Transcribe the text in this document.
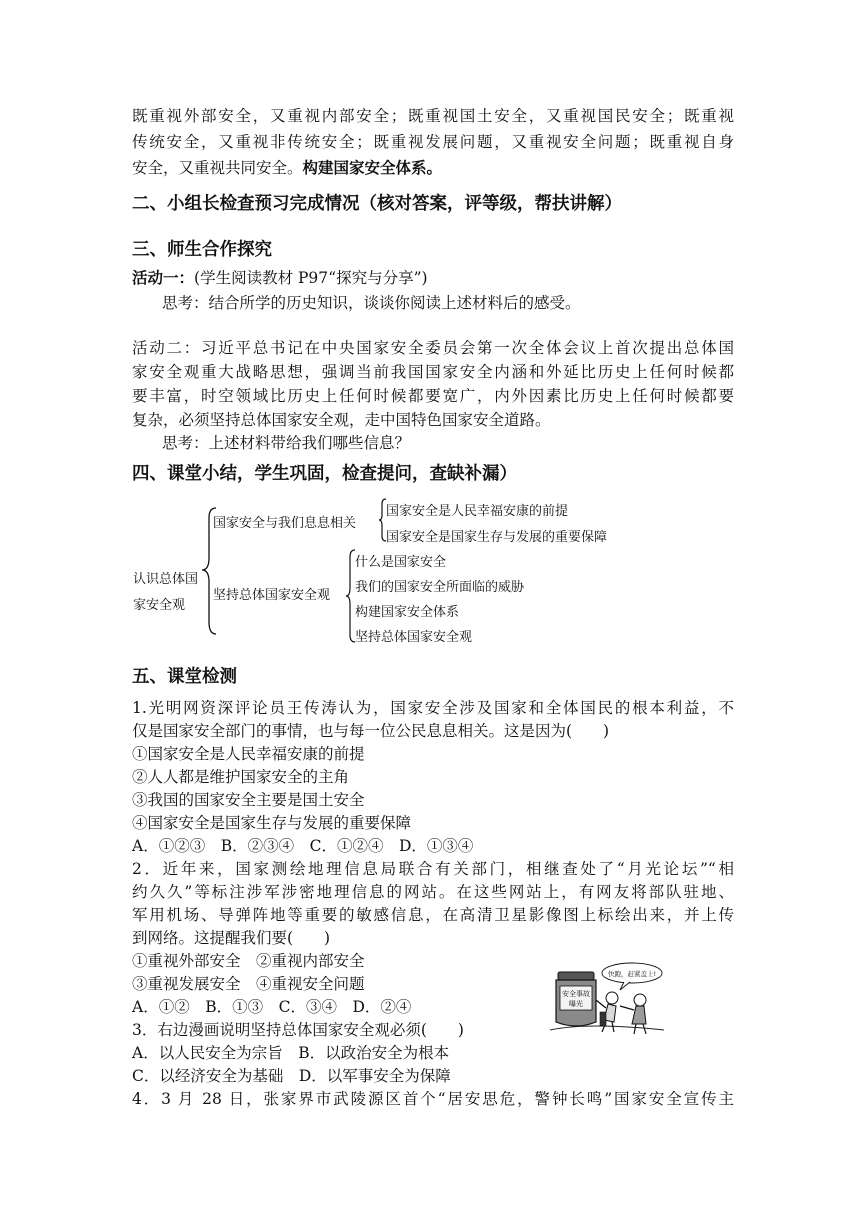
既重视外部安全，又重视内部安全；既重视国土安全，又重视国民安全；既重视
传统安全，又重视非传统安全；既重视发展问题，又重视安全问题；既重视自身
安全，又重视共同安全。构建国家安全体系。
二、小组长检查预习完成情况（核对答案，评等级，帮扶讲解）
三、师生合作探究
活动一：(学生阅读教材 P97“探究与分享”)
思考：结合所学的历史知识，谈谈你阅读上述材料后的感受。
活动二：习近平总书记在中央国家安全委员会第一次全体会议上首次提出总体国
家安全观重大战略思想，强调当前我国国家安全内涵和外延比历史上任何时候都
要丰富，时空领域比历史上任何时候都要宽广，内外因素比历史上任何时候都要
复杂，必须坚持总体国家安全观，走中国特色国家安全道路。
思考：上述材料带给我们哪些信息？
四、课堂小结，学生巩固，检查提问，查缺补漏）
认识总体国
家安全观
国家安全与我们息息相关
国家安全是人民幸福安康的前提
国家安全是国家生存与发展的重要保障
坚持总体国家安全观
什么是国家安全
我们的国家安全所面临的威胁
构建国家安全体系
坚持总体国家安全观
五、课堂检测
1.光明网资深评论员王传涛认为，国家安全涉及国家和全体国民的根本利益，不
仅是国家安全部门的事情，也与每一位公民息息相关。这是因为(　　)
①国家安全是人民幸福安康的前提
②人人都是维护国家安全的主角
③我国的国家安全主要是国土安全
④国家安全是国家生存与发展的重要保障
A．①②③　B．②③④　C．①②④　D．①③④
2．近年来，国家测绘地理信息局联合有关部门，相继查处了“月光论坛”“相
约久久”等标注涉军涉密地理信息的网站。在这些网站上，有网友将部队驻地、
军用机场、导弹阵地等重要的敏感信息，在高清卫星影像图上标绘出来，并上传
到网络。这提醒我们要(　　)
①重视外部安全　②重视内部安全
③重视发展安全　④重视安全问题
A．①②　B．①③　C．③④　D．②④
3．右边漫画说明坚持总体国家安全观必须(　　)
A．以人民安全为宗旨　B．以政治安全为根本
C．以经济安全为基础　D．以军事安全为保障
4．3 月 28 日，张家界市武陵源区首个“居安思危，警钟长鸣”国家安全宣传主
安全事故
曝光
快跑，赶紧盖上!
